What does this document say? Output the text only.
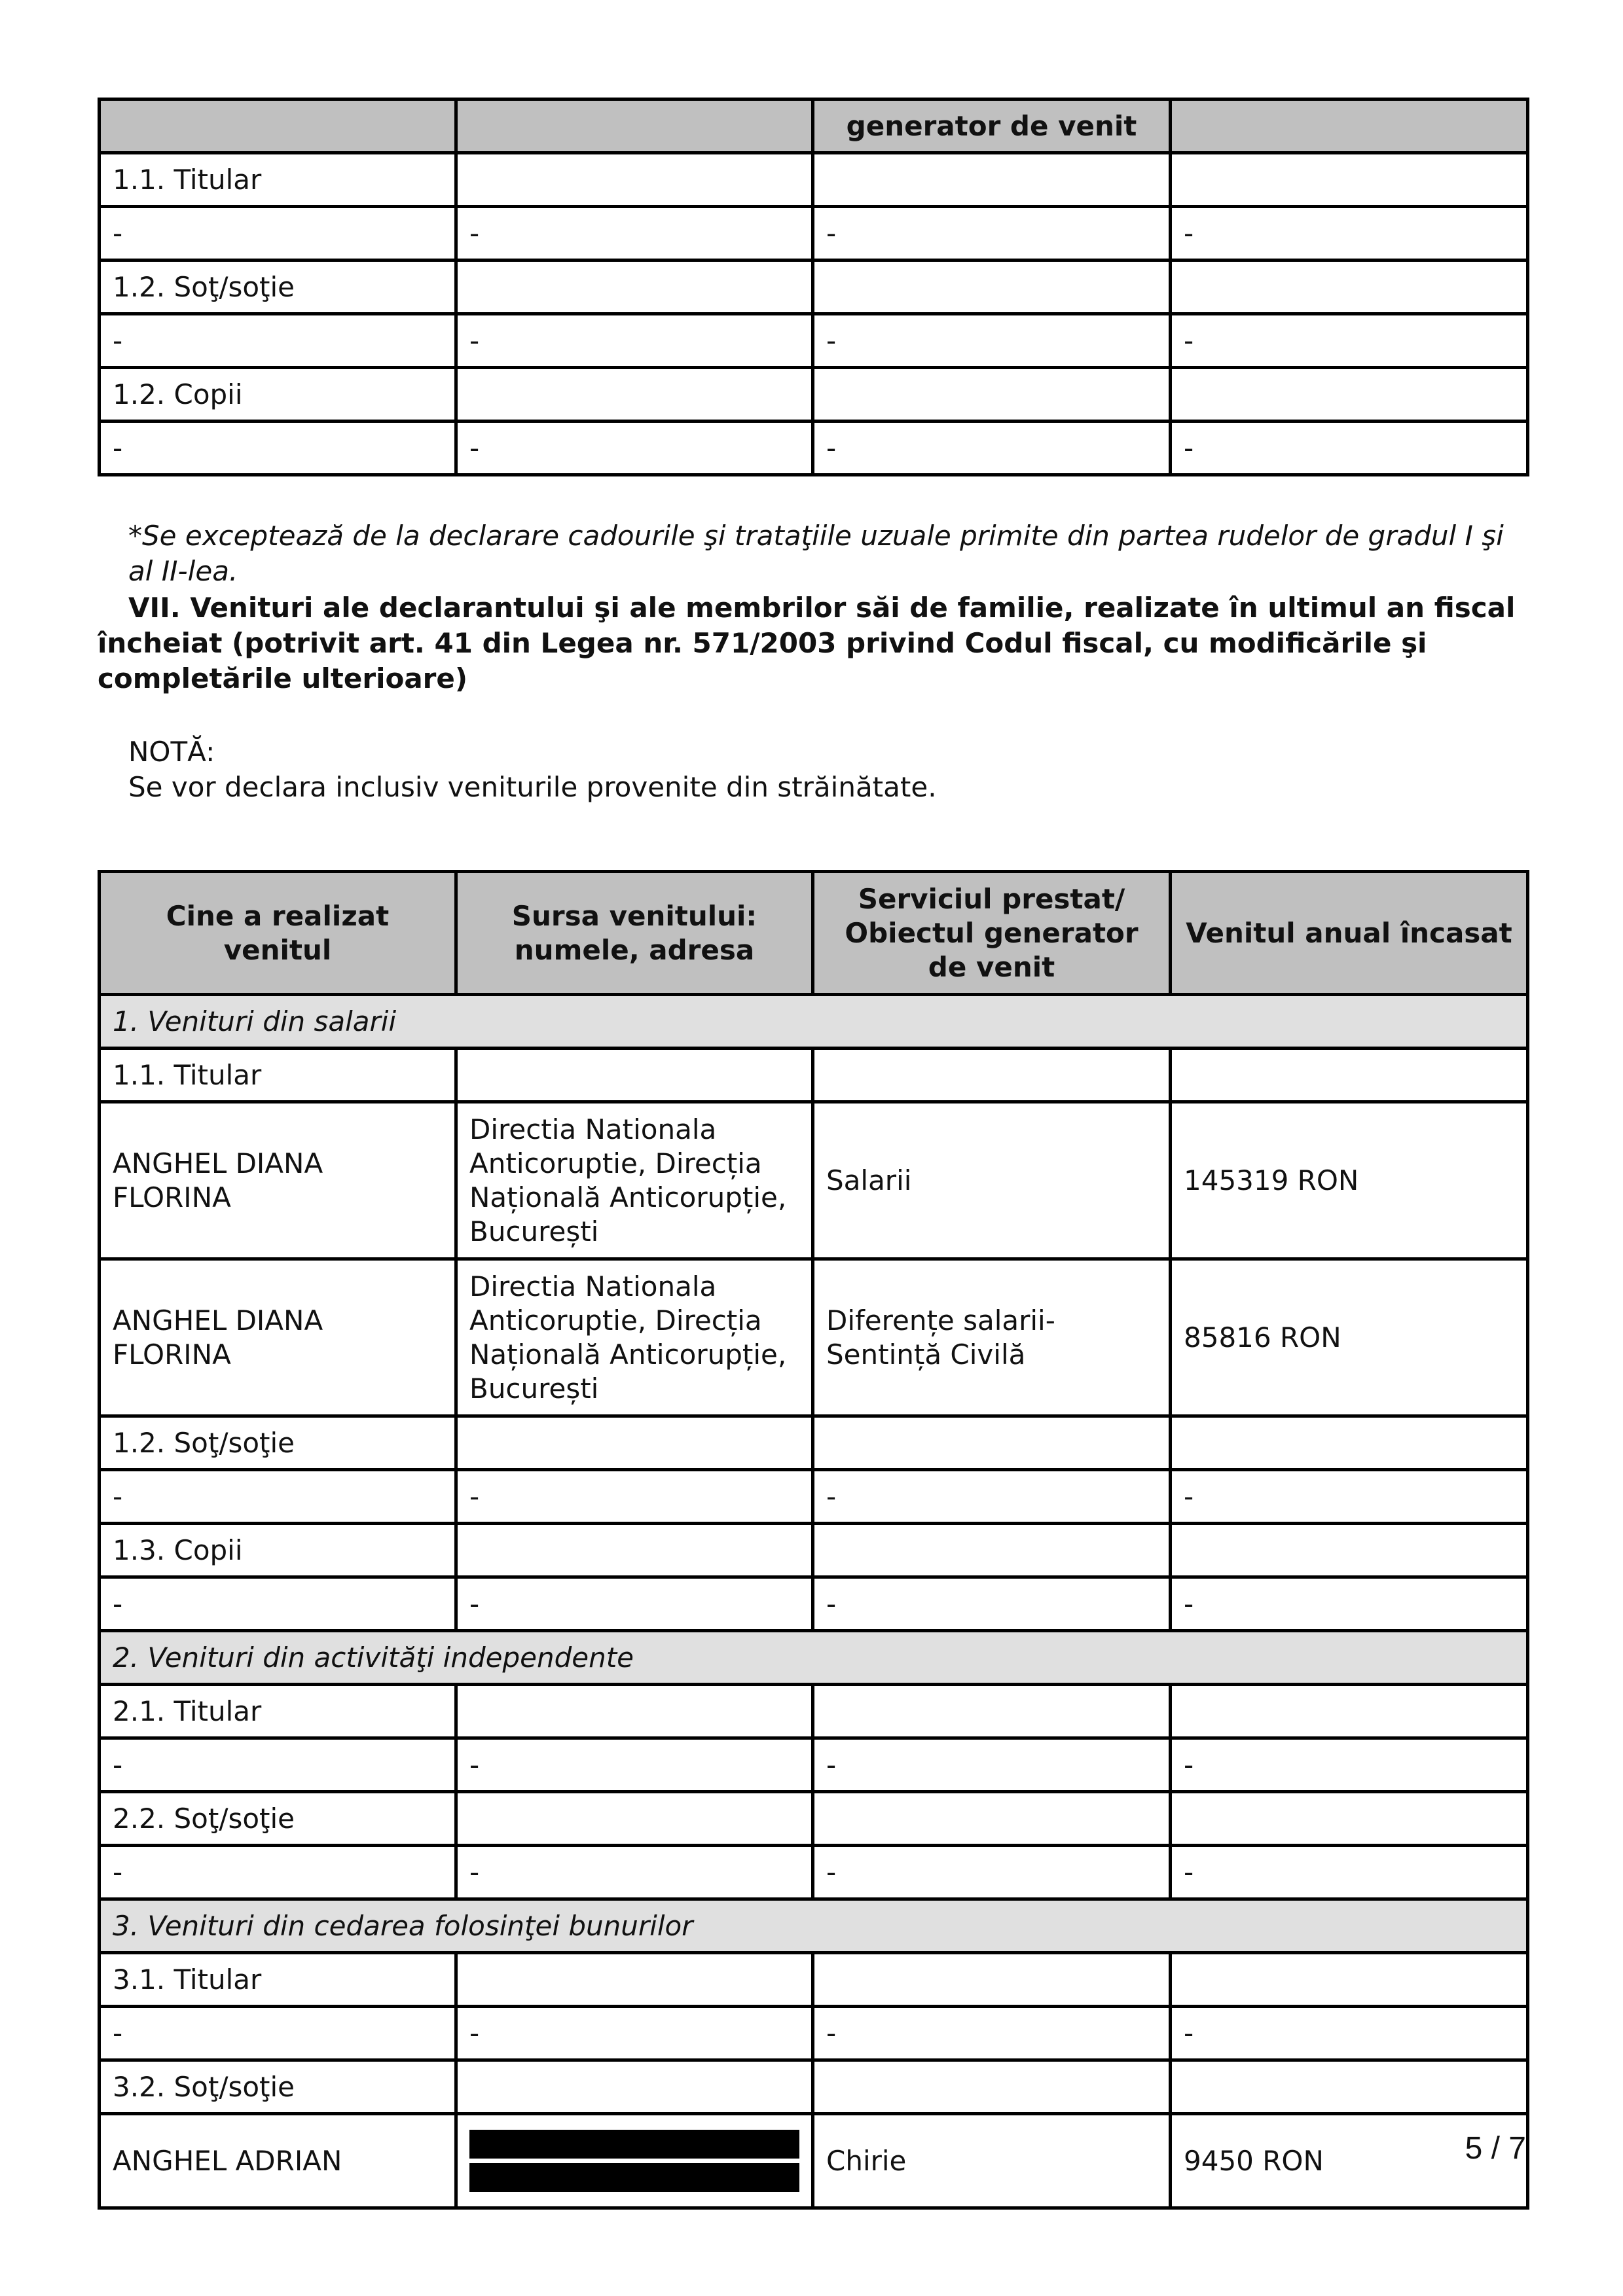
		generator de venit	
1.1. Titular			
-	-	-	-
1.2. Soţ/soţie			
-	-	-	-
1.2. Copii			
-	-	-	-
*Se exceptează de la declarare cadourile şi trataţiile uzuale primite din partea rudelor de gradul I şi al II-lea.
VII. Venituri ale declarantului şi ale membrilor săi de familie, realizate în ultimul an fiscal încheiat (potrivit art. 41 din Legea nr. 571/2003 privind Codul fiscal, cu modificările şi completările ulterioare)
NOTĂ:
Se vor declara inclusiv veniturile provenite din străinătate.
Cine a realizat venitul	Sursa venitului: numele, adresa	Serviciul prestat/ Obiectul generator de venit	Venitul anual încasat
1. Venituri din salarii			
1.1. Titular			
ANGHEL DIANA FLORINA	Directia Nationala Anticoruptie, Direcția Națională Anticorupție, București	Salarii	145319 RON
ANGHEL DIANA FLORINA	Directia Nationala Anticoruptie, Direcția Națională Anticorupție, București	Diferențe salarii-Sentință Civilă	85816 RON
1.2. Soţ/soţie			
-	-	-	-
1.3. Copii			
-	-	-	-
2. Venituri din activităţi independente			
2.1. Titular			
-	-	-	-
2.2. Soţ/soţie			
-	-	-	-
3. Venituri din cedarea folosinţei bunurilor			
3.1. Titular			
-	-	-	-
3.2. Soţ/soţie			
ANGHEL ADRIAN		Chirie	9450 RON	5 / 7
